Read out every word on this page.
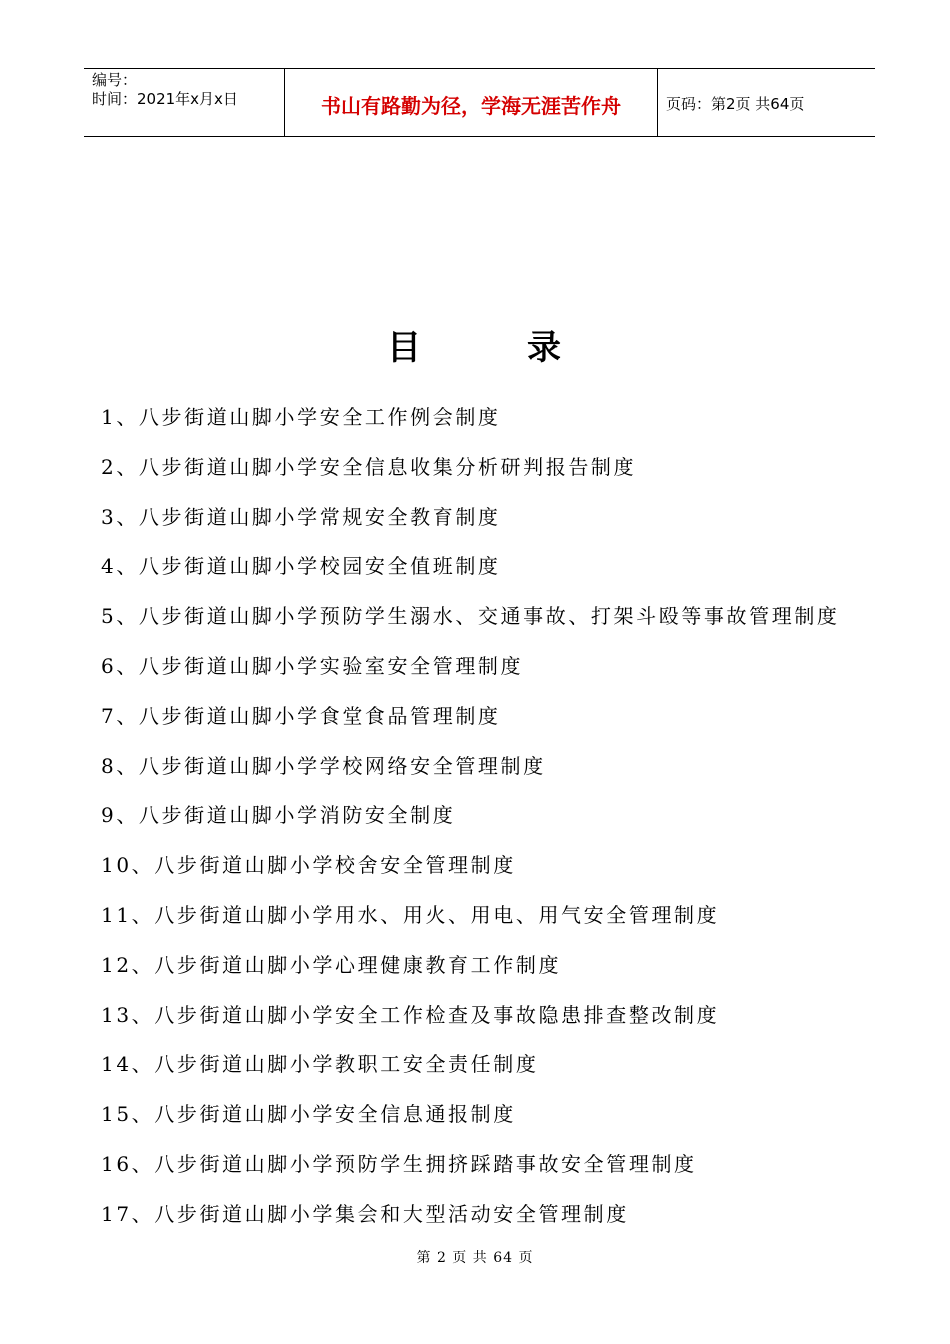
编号：
时间：2021年x月x日	书山有路勤为径，学海无涯苦作舟	页码：第2页 共64页
目	录
1、八步街道山脚小学安全工作例会制度
2、八步街道山脚小学安全信息收集分析研判报告制度
3、八步街道山脚小学常规安全教育制度
4、八步街道山脚小学校园安全值班制度
5、八步街道山脚小学预防学生溺水、交通事故、打架斗殴等事故管理制度
6、八步街道山脚小学实验室安全管理制度
7、八步街道山脚小学食堂食品管理制度
8、八步街道山脚小学学校网络安全管理制度
9、八步街道山脚小学消防安全制度
10、八步街道山脚小学校舍安全管理制度
11、八步街道山脚小学用水、用火、用电、用气安全管理制度
12、八步街道山脚小学心理健康教育工作制度
13、八步街道山脚小学安全工作检查及事故隐患排查整改制度
14、八步街道山脚小学教职工安全责任制度
15、八步街道山脚小学安全信息通报制度
16、八步街道山脚小学预防学生拥挤踩踏事故安全管理制度
17、八步街道山脚小学集会和大型活动安全管理制度
第 2 页 共 64 页
